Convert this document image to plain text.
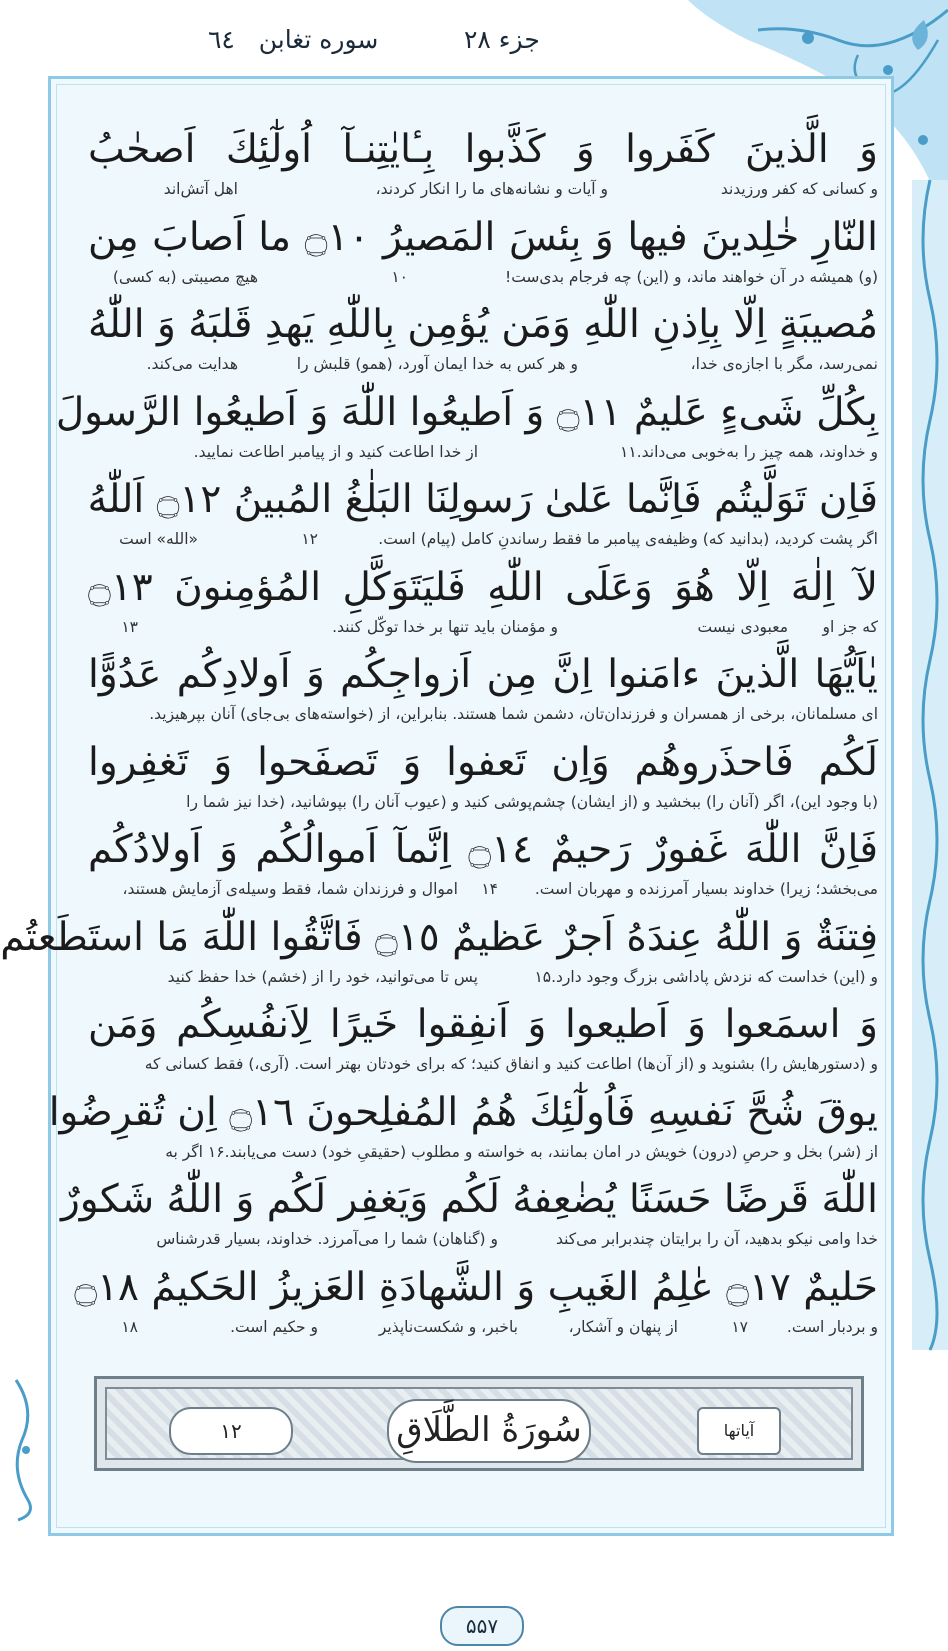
جزء ۲۸
سوره تغابن   ٦٤
وَ الَّذينَ كَفَروا وَ كَذَّبوا بِـٔايٰتِنـآ اُولٰٓئِكَ اَصحٰبُ
و کسانی که کفر ورزیدند
و آیات و نشانه‌های ما را انکار کردند،
اهل آتش‌اند
النّارِ خٰلِدينَ فيها وَ بِئسَ المَصيرُ ۝١٠ ما اَصابَ مِن
(و) همیشه در آن خواهند ماند، و (این) چه فرجام بدی‌ست!
۱۰
هیچ مصیبتی (به کسی)
مُصيبَةٍ اِلّا بِاِذنِ اللّٰهِ وَمَن يُؤمِن بِاللّٰهِ يَهدِ قَلبَهُ وَ اللّٰهُ
نمی‌رسد، مگر با اجازه‌ی خدا،
و هر کس به خدا ایمان آورد، (همو) قلبش را
هدایت می‌کند.
بِكُلِّ شَىءٍ عَليمٌ ۝١١ وَ اَطيعُوا اللّٰهَ وَ اَطيعُوا الرَّسولَ
و خداوند، همه چیز را به‌خوبی می‌داند.۱۱
از خدا اطاعت کنید و از پیامبر اطاعت نمایید.
فَاِن تَوَلَّيتُم فَاِنَّما عَلىٰ رَسولِنَا البَلٰغُ المُبينُ ۝١٢ اَللّٰهُ
اگر پشت کردید، (بدانید که) وظیفه‌ی پیامبر ما فقط رساندنِ کامل (پیام) است.
۱۲
«الله» است
لآ اِلٰهَ اِلّا هُوَ وَعَلَى اللّٰهِ فَليَتَوَكَّلِ المُؤمِنونَ ۝١٣
که جز او
معبودی نیست
و مؤمنان باید تنها بر خدا توکّل کنند.
۱۳
يٰاَيُّهَا الَّذينَ ءامَنوا اِنَّ مِن اَزواجِكُم وَ اَولادِكُم عَدُوًّا
ای مسلمانان، برخی از همسران و فرزندان‌تان، دشمن شما هستند. بنابراین، از (خواسته‌های بی‌جای) آنان بپرهیزید.
لَكُم فَاحذَروهُم وَاِن تَعفوا وَ تَصفَحوا وَ تَغفِروا
(با وجود این)، اگر (آنان را) ببخشید و (از ایشان) چشم‌پوشی کنید و (عیوب آنان را) بپوشانید، (خدا نیز شما را
فَاِنَّ اللّٰهَ غَفورٌ رَحيمٌ ۝١٤ اِنَّمآ اَموالُكُم وَ اَولادُكُم
می‌بخشد؛ زیرا) خداوند بسیار آمرزنده و مهربان است.
۱۴
اموال و فرزندان شما، فقط وسیله‌ی آزمایش هستند،
فِتنَةٌ وَ اللّٰهُ عِندَهُ اَجرٌ عَظيمٌ ۝١٥ فَاتَّقُوا اللّٰهَ مَا استَطَعتُم
و (این) خداست که نزدش پاداشی بزرگ وجود دارد.۱۵
پس تا می‌توانید، خود را از (خشم) خدا حفظ کنید
وَ اسمَعوا وَ اَطيعوا وَ اَنفِقوا خَيرًا لِاَنفُسِكُم وَمَن
و (دستورهایش را) بشنوید و (از آن‌ها) اطاعت کنید و انفاق کنید؛ که برای خودتان بهتر است. (آری،) فقط کسانی که
يوقَ شُحَّ نَفسِهِ فَاُولٰٓئِكَ هُمُ المُفلِحونَ ۝١٦ اِن تُقرِضُوا
از (شر) بخل و حرصِ (درون) خویش در امان بمانند، به خواسته و مطلوب (حقیقیِ خود) دست می‌یابند.۱۶ اگر به
اللّٰهَ قَرضًا حَسَنًا يُضٰعِفهُ لَكُم وَيَغفِر لَكُم وَ اللّٰهُ شَكورٌ
خدا وامی نیکو بدهید، آن را برایتان چندبرابر می‌کند
و (گناهان) شما را می‌آمرزد. خداوند، بسیار قدرشناس
حَليمٌ ۝١٧ عٰلِمُ الغَيبِ وَ الشَّهادَةِ العَزيزُ الحَكيمُ ۝١٨
و بردبار است.
۱۷
از پنهان و آشکار،
باخبر، و شکست‌ناپذیر
و حکیم است.
۱۸
آیاتها
سُورَةُ الطَّلَاقِ
١٢
۵۵۷
